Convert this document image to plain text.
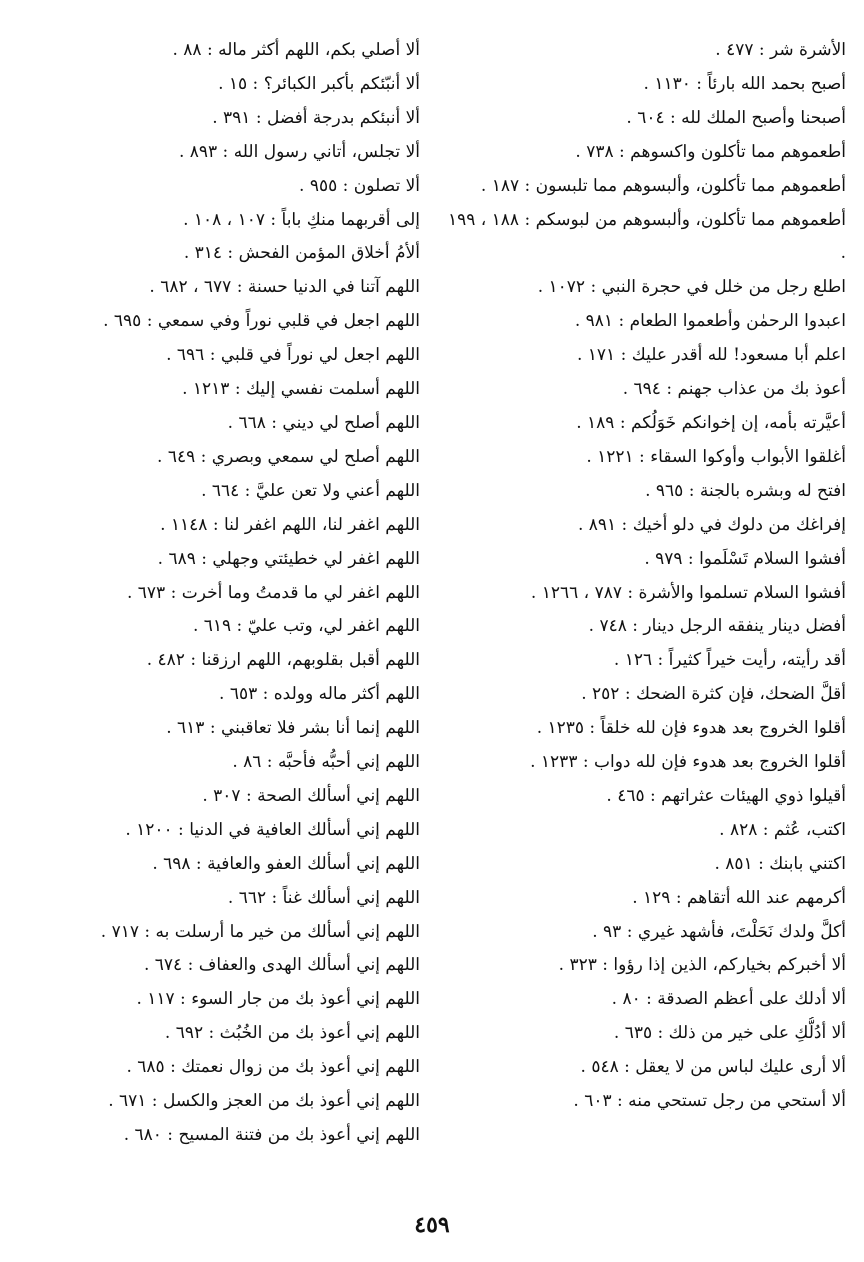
الأشرة شر : ٤٧٧ .
أصبح بحمد الله بارئاً : ١١٣٠ .
أصبحنا وأصبح الملك لله : ٦٠٤ .
أطعموهم مما تأكلون واكسوهم : ٧٣٨ .
أطعموهم مما تأكلون، وألبسوهم مما تلبسون : ١٨٧ .
أطعموهم مما تأكلون، وألبسوهم من لبوسكم : ١٨٨ ، ١٩٩ .
اطلع رجل من خلل في حجرة النبي : ١٠٧٢ .
اعبدوا الرحمٰن وأطعموا الطعام : ٩٨١ .
اعلم أبا مسعود! لله أقدر عليك : ١٧١ .
أعوذ بك من عذاب جهنم : ٦٩٤ .
أعيَّرته بأمه، إن إخوانكم خَوَلُكم : ١٨٩ .
أغلقوا الأبواب وأوكوا السقاء : ١٢٢١ .
افتح له وبشره بالجنة : ٩٦٥ .
إفراغك من دلوك في دلو أخيك : ٨٩١ .
أفشوا السلام تَسْلَموا : ٩٧٩ .
أفشوا السلام تسلموا والأشرة : ٧٨٧ ، ١٢٦٦ .
أفضل دينار ينفقه الرجل دينار : ٧٤٨ .
أقد رأيته، رأيت خيراً كثيراً : ١٢٦ .
أقلَّ الضحك، فإن كثرة الضحك : ٢٥٢ .
أقلوا الخروج بعد هدوء فإن لله خلقاً : ١٢٣٥ .
أقلوا الخروج بعد هدوء فإن لله دواب : ١٢٣٣ .
أقيلوا ذوي الهيئات عثراتهم : ٤٦٥ .
اكتب، عُثم : ٨٢٨ .
اكتني بابنك : ٨٥١ .
أكرمهم عند الله أتقاهم : ١٢٩ .
أكلَّ ولدك نَحَلْتَ، فأشهد غيري : ٩٣ .
ألا أخبركم بخياركم، الذين إذا رؤوا : ٣٢٣ .
ألا أدلك على أعظم الصدقة : ٨٠ .
ألا أدُلُّكِ على خير من ذلك : ٦٣٥ .
ألا أرى عليك لباس من لا يعقل : ٥٤٨ .
ألا أستحي من رجل تستحي منه : ٦٠٣ .
ألا أصلي بكم، اللهم أكثر ماله : ٨٨ .
ألا أنبّئكم بأكبر الكبائر؟ : ١٥ .
ألا أنبئكم بدرجة أفضل : ٣٩١ .
ألا تجلس، أتاني رسول الله : ٨٩٣ .
ألا تصلون : ٩٥٥ .
إلى أقربهما منكِ باباً : ١٠٧ ، ١٠٨ .
ألأمُ أخلاق المؤمن الفحش : ٣١٤ .
اللهم آتنا في الدنيا حسنة : ٦٧٧ ، ٦٨٢ .
اللهم اجعل في قلبي نوراً وفي سمعي : ٦٩٥ .
اللهم اجعل لي نوراً في قلبي : ٦٩٦ .
اللهم أسلمت نفسي إليك : ١٢١٣ .
اللهم أصلح لي ديني : ٦٦٨ .
اللهم أصلح لي سمعي وبصري : ٦٤٩ .
اللهم أعني ولا تعن عليَّ : ٦٦٤ .
اللهم اغفر لنا، اللهم اغفر لنا : ١١٤٨ .
اللهم اغفر لي خطيئتي وجهلي : ٦٨٩ .
اللهم اغفر لي ما قدمتُ وما أخرت : ٦٧٣ .
اللهم اغفر لي، وتب عليّ : ٦١٩ .
اللهم أقبل بقلوبهم، اللهم ارزقنا : ٤٨٢ .
اللهم أكثر ماله وولده : ٦٥٣ .
اللهم إنما أنا بشر فلا تعاقبني : ٦١٣ .
اللهم إني أحبُّه فأحبَّه : ٨٦ .
اللهم إني أسألك الصحة : ٣٠٧ .
اللهم إني أسألك العافية في الدنيا : ١٢٠٠ .
اللهم إني أسألك العفو والعافية : ٦٩٨ .
اللهم إني أسألك غناً : ٦٦٢ .
اللهم إني أسألك من خير ما أرسلت به : ٧١٧ .
اللهم إني أسألك الهدى والعفاف : ٦٧٤ .
اللهم إني أعوذ بك من جار السوء : ١١٧ .
اللهم إني أعوذ بك من الخُبُث : ٦٩٢ .
اللهم إني أعوذ بك من زوال نعمتك : ٦٨٥ .
اللهم إني أعوذ بك من العجز والكسل : ٦٧١ .
اللهم إني أعوذ بك من فتنة المسيح : ٦٨٠ .
٤٥٩
